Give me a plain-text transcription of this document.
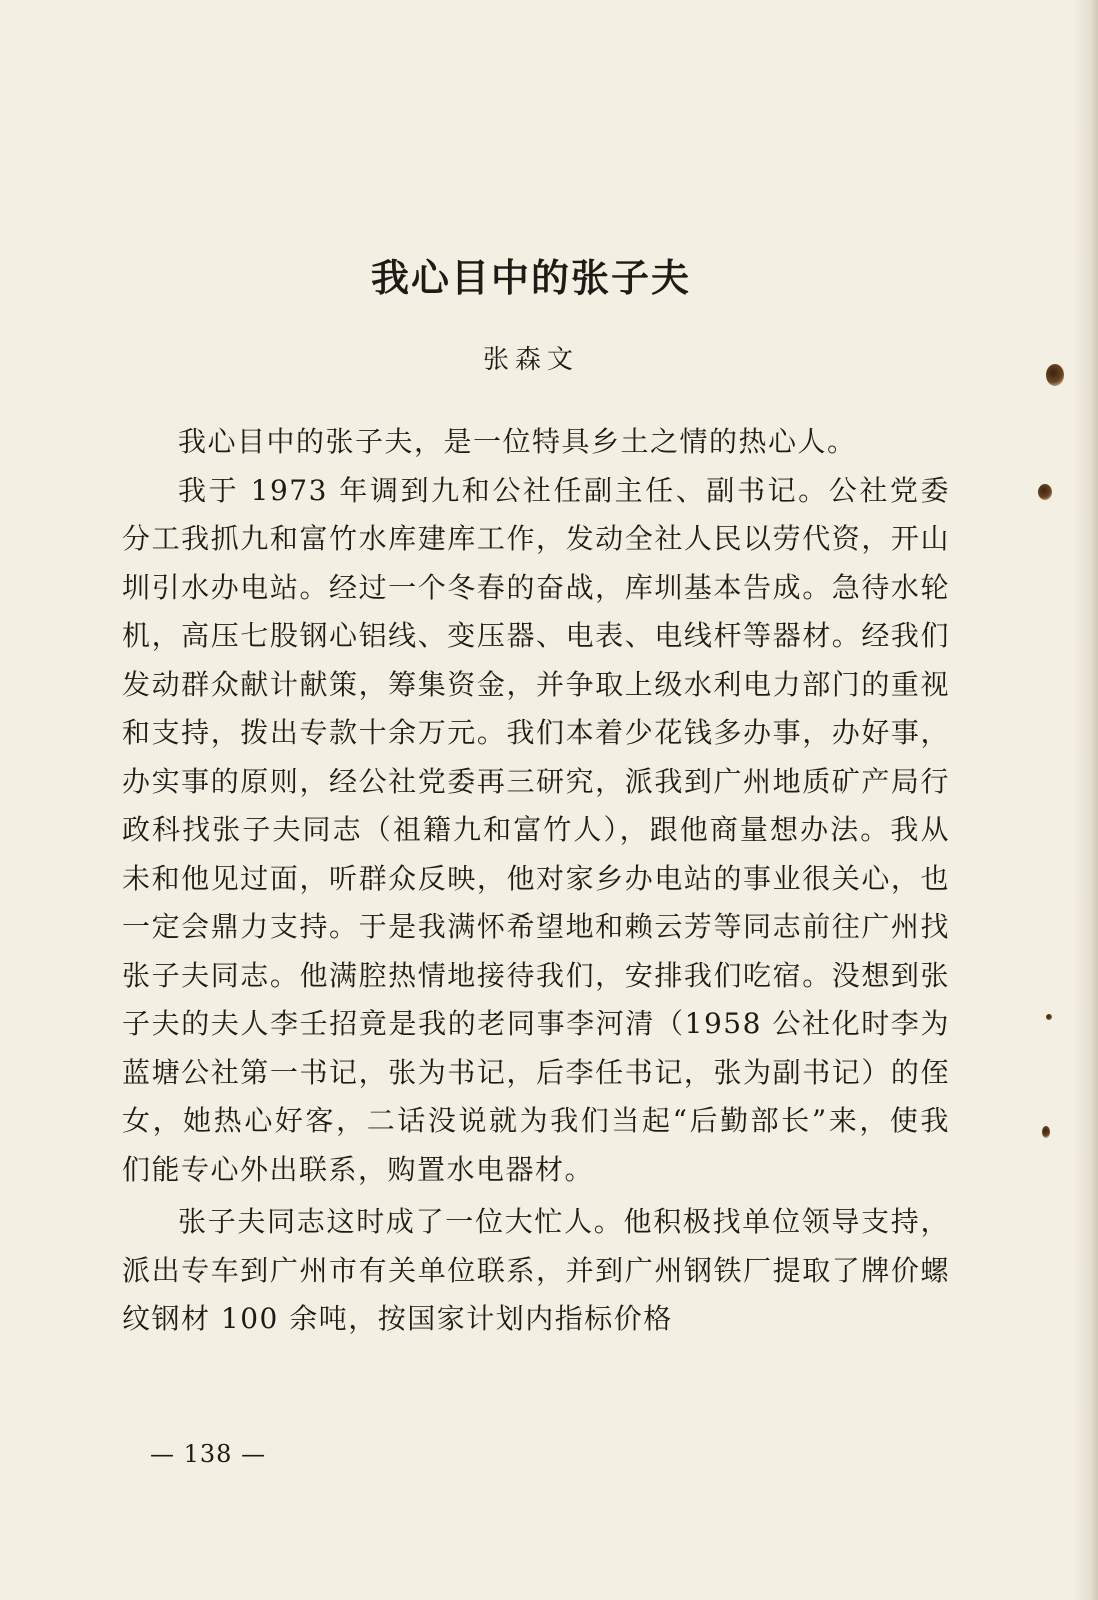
我心目中的张子夫
张森文

我心目中的张子夫，是一位特具乡土之情的热心人。

我于 1973 年调到九和公社任副主任、副书记。公社党委分工我抓九和富竹水库建库工作，发动全社人民以劳代资，开山圳引水办电站。经过一个冬春的奋战，库圳基本告成。急待水轮机，高压七股钢心铝线、变压器、电表、电线杆等器材。经我们发动群众献计献策，筹集资金，并争取上级水利电力部门的重视和支持，拨出专款十余万元。我们本着少花钱多办事，办好事，办实事的原则，经公社党委再三研究，派我到广州地质矿产局行政科找张子夫同志（祖籍九和富竹人），跟他商量想办法。我从未和他见过面，听群众反映，他对家乡办电站的事业很关心，也一定会鼎力支持。于是我满怀希望地和赖云芳等同志前往广州找张子夫同志。他满腔热情地接待我们，安排我们吃宿。没想到张子夫的夫人李壬招竟是我的老同事李河清（1958 公社化时李为蓝塘公社第一书记，张为书记，后李任书记，张为副书记）的侄女，她热心好客，二话没说就为我们当起“后勤部长”来，使我们能专心外出联系，购置水电器材。

张子夫同志这时成了一位大忙人。他积极找单位领导支持，派出专车到广州市有关单位联系，并到广州钢铁厂提取了牌价螺纹钢材 100 余吨，按国家计划内指标价格

— 138 —
